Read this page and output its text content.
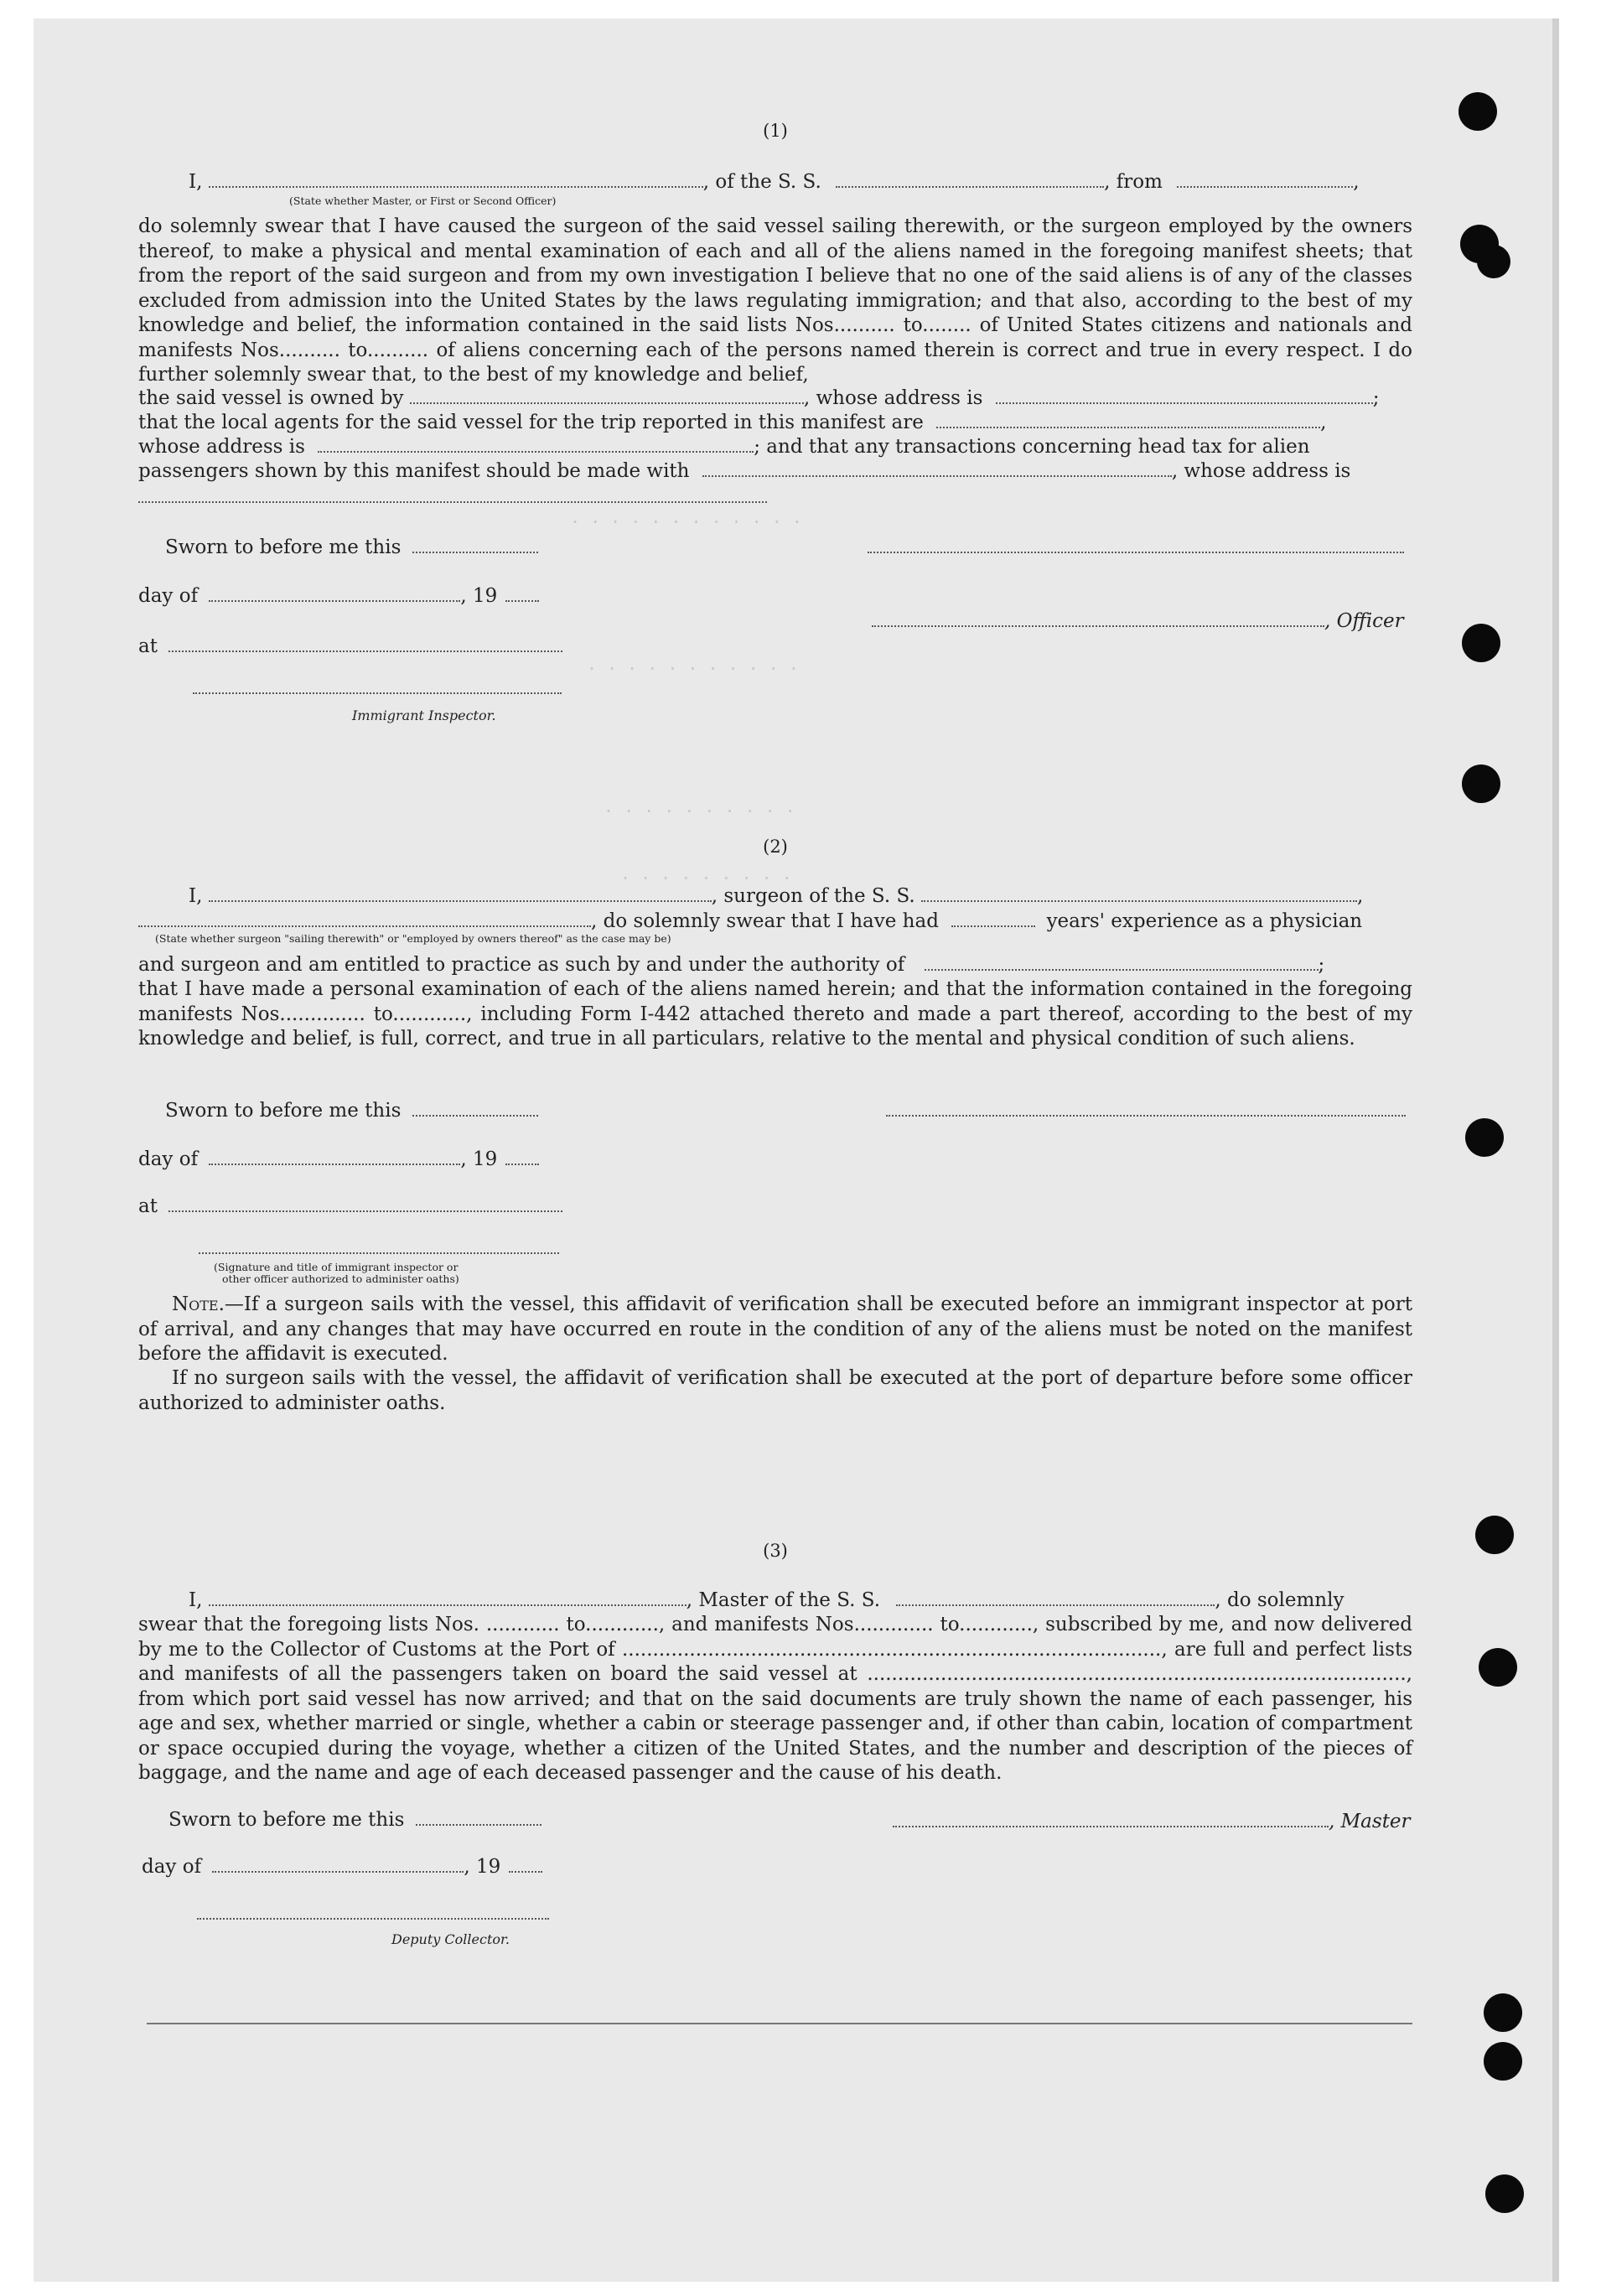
. . . . . . . . . . . .
. . . . . . . . . . .
. . . . . . . . . .
. . . . . . . . .
(1)
I,	, of the S. S.	, from	,
(State whether Master, or First or Second Officer)
do solemnly swear that I have caused the surgeon of the said vessel sailing therewith, or the surgeon employed by the owners thereof, to make a physical and mental examination of each and all of the aliens named in the foregoing manifest sheets; that from the report of the said surgeon and from my own investigation I believe that no one of the said aliens is of any of the classes excluded from admission into the United States by the laws regulating immigration; and that also, according to the best of my knowledge and belief, the information contained in the said lists Nos.......... to........ of United States citizens and nationals and manifests Nos.......... to.......... of aliens concerning each of the persons named therein is correct and true in every respect. I do further solemnly swear that, to the best of my knowledge and belief,
the said vessel is owned by	, whose address is	;
that the local agents for the said vessel for the trip reported in this manifest are	,
whose address is	; and that any transactions concerning head tax for alien
passengers shown by this manifest should be made with	, whose address is
Sworn to before me this
day of	, 19
, Officer
at
Immigrant Inspector.
(2)
I,	, surgeon of the S. S.	,
, do solemnly swear that I have had	years' experience as a physician
(State whether surgeon "sailing therewith" or "employed by owners thereof" as the case may be)
and surgeon and am entitled to practice as such by and under the authority of	;
that I have made a personal examination of each of the aliens named herein; and that the information contained in the foregoing manifests Nos.............. to............, including Form I-442 attached thereto and made a part thereof, according to the best of my knowledge and belief, is full, correct, and true in all particulars, relative to the mental and physical condition of such aliens.
Sworn to before me this
day of	, 19
at
(Signature and title of immigrant inspector or
other officer authorized to administer oaths)
Note.—If a surgeon sails with the vessel, this affidavit of verification shall be executed before an immigrant inspector at port of arrival, and any changes that may have occurred en route in the condition of any of the aliens must be noted on the manifest before the affidavit is executed.
If no surgeon sails with the vessel, the affidavit of verification shall be executed at the port of departure before some officer authorized to administer oaths.
(3)
I,	, Master of the S. S.	, do solemnly
swear that the foregoing lists Nos. ............ to............, and manifests Nos............. to............, subscribed by me, and now delivered by me to the Collector of Customs at the Port of ........................................................................................, are full and perfect lists and manifests of all the passengers taken on board the said vessel at ........................................................................................, from which port said vessel has now arrived; and that on the said documents are truly shown the name of each passenger, his age and sex, whether married or single, whether a cabin or steerage passenger and, if other than cabin, location of compartment or space occupied during the voyage, whether a citizen of the United States, and the number and description of the pieces of baggage, and the name and age of each deceased passenger and the cause of his death.
Sworn to before me this	, Master
day of	, 19
Deputy Collector.
